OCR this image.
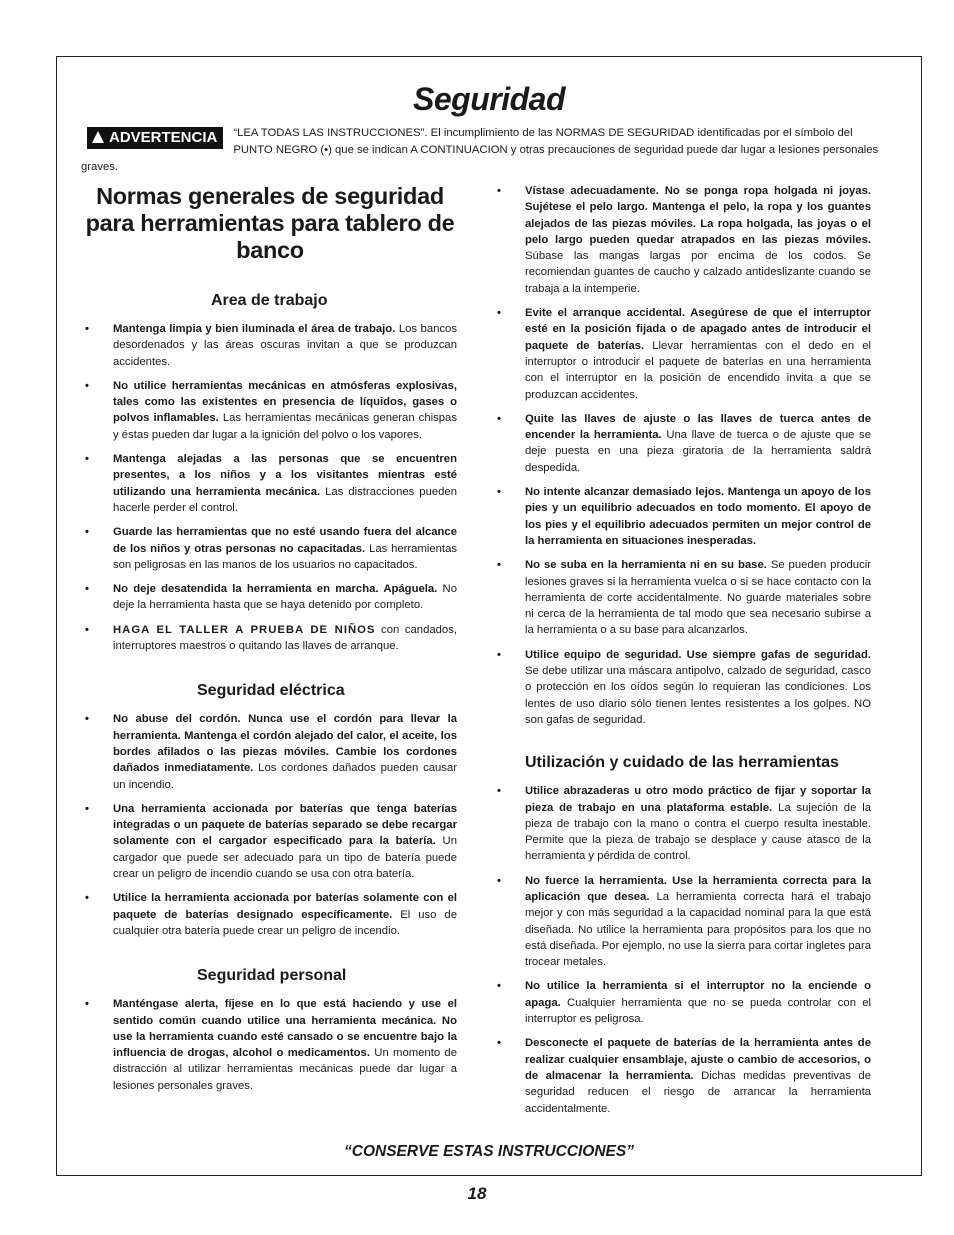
Seguridad
ADVERTENCIA	“LEA TODAS LAS INSTRUCCIONES”. El incumplimiento de las NORMAS DE SEGURIDAD identificadas por el símbolo del PUNTO NEGRO (•) que se indican A CONTINUACION y otras precauciones de seguridad puede dar lugar a lesiones personales graves.
Normas generales de seguridad para herramientas para tablero de banco
Area de trabajo

• Mantenga limpia y bien iluminada el área de trabajo. Los bancos desordenados y las áreas oscuras invitan a que se produzcan accidentes.

• No utilice herramientas mecánicas en atmósferas explosivas, tales como las existentes en presencia de líquidos, gases o polvos inflamables. Las herramientas mecánicas generan chispas y éstas pueden dar lugar a la ignición del polvo o los vapores.

• Mantenga alejadas a las personas que se encuentren presentes, a los niños y a los visitantes mientras esté utilizando una herramienta mecánica. Las distracciones pueden hacerle perder el control.

• Guarde las herramientas que no esté usando fuera del alcance de los niños y otras personas no capacitadas. Las herramientas son peligrosas en las manos de los usuarios no capacitados.

• No deje desatendida la herramienta en marcha. Apáguela. No deje la herramienta hasta que se haya detenido por completo.

• HAGA EL TALLER A PRUEBA DE NIÑOS con candados, interruptores maestros o quitando las llaves de arranque.

Seguridad eléctrica

• No abuse del cordón. Nunca use el cordón para llevar la herramienta. Mantenga el cordón alejado del calor, el aceite, los bordes afilados o las piezas móviles. Cambie los cordones dañados inmediatamente. Los cordones dañados pueden causar un incendio.

• Una herramienta accionada por baterías que tenga baterías integradas o un paquete de baterías separado se debe recargar solamente con el cargador especificado para la batería. Un cargador que puede ser adecuado para un tipo de batería puede crear un peligro de incendio cuando se usa con otra batería.

• Utilice la herramienta accionada por baterías solamente con el paquete de baterías designado específicamente. El uso de cualquier otra batería puede crear un peligro de incendio.

Seguridad personal

• Manténgase alerta, fíjese en lo que está haciendo y use el sentido común cuando utilice una herramienta mecánica. No use la herramienta cuando esté cansado o se encuentre bajo la influencia de drogas, alcohol o medicamentos. Un momento de distracción al utilizar herramientas mecánicas puede dar lugar a lesiones personales graves.

• Vístase adecuadamente. No se ponga ropa holgada ni joyas. Sujétese el pelo largo. Mantenga el pelo, la ropa y los guantes alejados de las piezas móviles. La ropa holgada, las joyas o el pelo largo pueden quedar atrapados en las piezas móviles. Súbase las mangas largas por encima de los codos. Se recomiendan guantes de caucho y calzado antideslizante cuando se trabaja a la intemperie.

• Evite el arranque accidental. Asegúrese de que el interruptor esté en la posición fijada o de apagado antes de introducir el paquete de baterías. Llevar herramientas con el dedo en el interruptor o introducir el paquete de baterías en una herramienta con el interruptor en la posición de encendido invita a que se produzcan accidentes.

• Quite las llaves de ajuste o las llaves de tuerca antes de encender la herramienta. Una llave de tuerca o de ajuste que se deje puesta en una pieza giratoria de la herramienta saldrá despedida.

• No intente alcanzar demasiado lejos. Mantenga un apoyo de los pies y un equilibrio adecuados en todo momento. El apoyo de los pies y el equilibrio adecuados permiten un mejor control de la herramienta en situaciones inesperadas.

• No se suba en la herramienta ni en su base. Se pueden producir lesiones graves si la herramienta vuelca o si se hace contacto con la herramienta de corte accidentalmente. No guarde materiales sobre ni cerca de la herramienta de tal modo que sea necesario subirse a la herramienta o a su base para alcanzarlos.

• Utilice equipo de seguridad. Use siempre gafas de seguridad. Se debe utilizar una máscara antipolvo, calzado de seguridad, casco o protección en los oídos según lo requieran las condiciones. Los lentes de uso diario sólo tienen lentes resistentes a los golpes. NO son gafas de seguridad.

Utilización y cuidado de las herramientas

• Utilice abrazaderas u otro modo práctico de fijar y soportar la pieza de trabajo en una plataforma estable. La sujeción de la pieza de trabajo con la mano o contra el cuerpo resulta inestable. Permite que la pieza de trabajo se desplace y cause atasco de la herramienta y pérdida de control.

• No fuerce la herramienta. Use la herramienta correcta para la aplicación que desea. La herramienta correcta hará el trabajo mejor y con más seguridad a la capacidad nominal para la que está diseñada. No utilice la herramienta para propósitos para los que no está diseñada. Por ejemplo, no use la sierra para cortar ingletes para trocear metales.

• No utilice la herramienta si el interruptor no la enciende o apaga. Cualquier herramienta que no se pueda controlar con el interruptor es peligrosa.

• Desconecte el paquete de baterías de la herramienta antes de realizar cualquier ensamblaje, ajuste o cambio de accesorios, o de almacenar la herramienta. Dichas medidas preventivas de seguridad reducen el riesgo de arrancar la herramienta accidentalmente.

“CONSERVE ESTAS INSTRUCCIONES”
18
